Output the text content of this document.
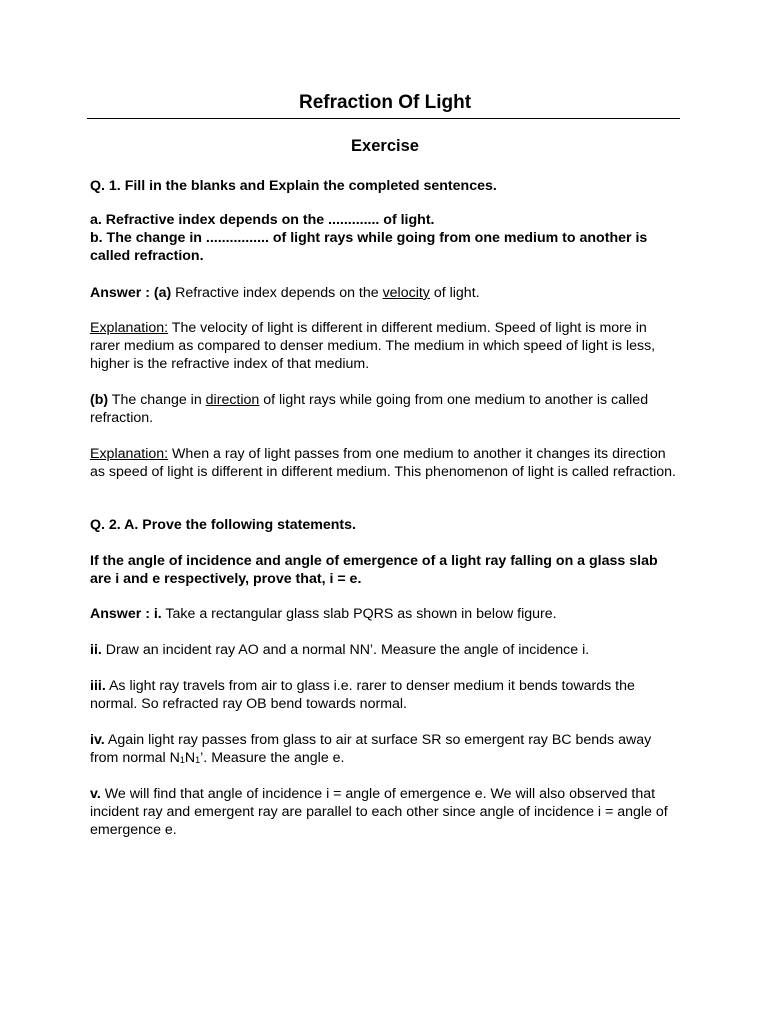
Refraction Of Light
Exercise
Q. 1. Fill in the blanks and Explain the completed sentences.
a. Refractive index depends on the ............. of light.
b. The change in ................ of light rays while going from one medium to another is called refraction.
Answer : (a) Refractive index depends on the velocity of light.
Explanation: The velocity of light is different in different medium. Speed of light is more in rarer medium as compared to denser medium. The medium in which speed of light is less, higher is the refractive index of that medium.
(b) The change in direction of light rays while going from one medium to another is called refraction.
Explanation: When a ray of light passes from one medium to another it changes its direction as speed of light is different in different medium. This phenomenon of light is called refraction.
Q. 2. A. Prove the following statements.
If the angle of incidence and angle of emergence of a light ray falling on a glass slab are i and e respectively, prove that, i = e.
Answer : i. Take a rectangular glass slab PQRS as shown in below figure.
ii. Draw an incident ray AO and a normal NN’. Measure the angle of incidence i.
iii. As light ray travels from air to glass i.e. rarer to denser medium it bends towards the normal. So refracted ray OB bend towards normal.
iv. Again light ray passes from glass to air at surface SR so emergent ray BC bends away from normal $N_1N_1$’. Measure the angle e.
v. We will find that angle of incidence i = angle of emergence e. We will also observed that incident ray and emergent ray are parallel to each other since angle of incidence i = angle of emergence e.
